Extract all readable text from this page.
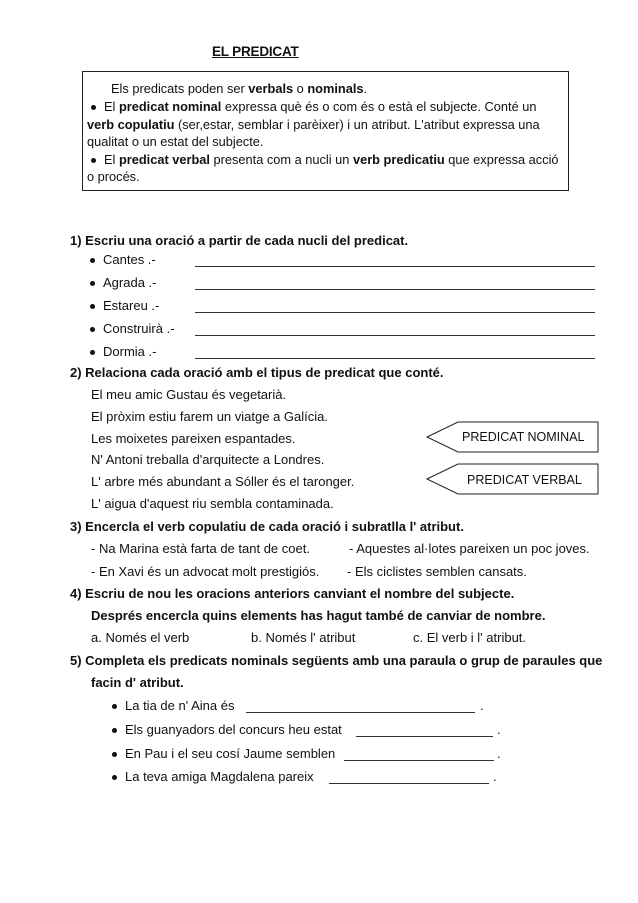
EL PREDICAT
Els predicats poden ser verbals o nominals.
El predicat nominal expressa què és o com és o està el subjecte. Conté un
verb copulatiu (ser,estar, semblar i parèixer) i un atribut. L'atribut expressa una
qualitat o un estat del subjecte.
El predicat verbal presenta com a nucli un verb predicatiu que expressa acció
o procés.
1) Escriu una oració a partir de cada nucli del predicat.
Cantes .-
Agrada .-
Estareu .-
Construirà .-
Dormia .-
2) Relaciona cada oració amb el tipus de predicat que conté.
El meu amic Gustau és vegetarià.
El pròxim estiu farem un viatge a Galícia.
Les moixetes pareixen espantades.
N' Antoni treballa d'arquitecte a Londres.
L' arbre més abundant a Sóller és el taronger.
L' aigua d'aquest riu sembla contaminada.
PREDICAT NOMINAL
PREDICAT VERBAL
3) Encercla el verb copulatiu de cada oració i subratlla l' atribut.
- Na Marina està farta de tant de coet.	- Aquestes al·lotes pareixen un poc joves.
- En Xavi és un advocat molt prestigiós. - Els ciclistes semblen cansats.
4) Escriu de nou les oracions anteriors canviant el nombre del subjecte.
Després encercla quins elements has hagut també de canviar de nombre.
a. Només el verb	b. Només l' atribut	c. El verb i l' atribut.
5) Completa els predicats nominals següents amb una paraula o grup de paraules que
facin d' atribut.
La tia de n' Aina és	.
Els guanyadors del concurs heu estat	.
En Pau i el seu cosí Jaume semblen	.
La teva amiga Magdalena pareix	.
